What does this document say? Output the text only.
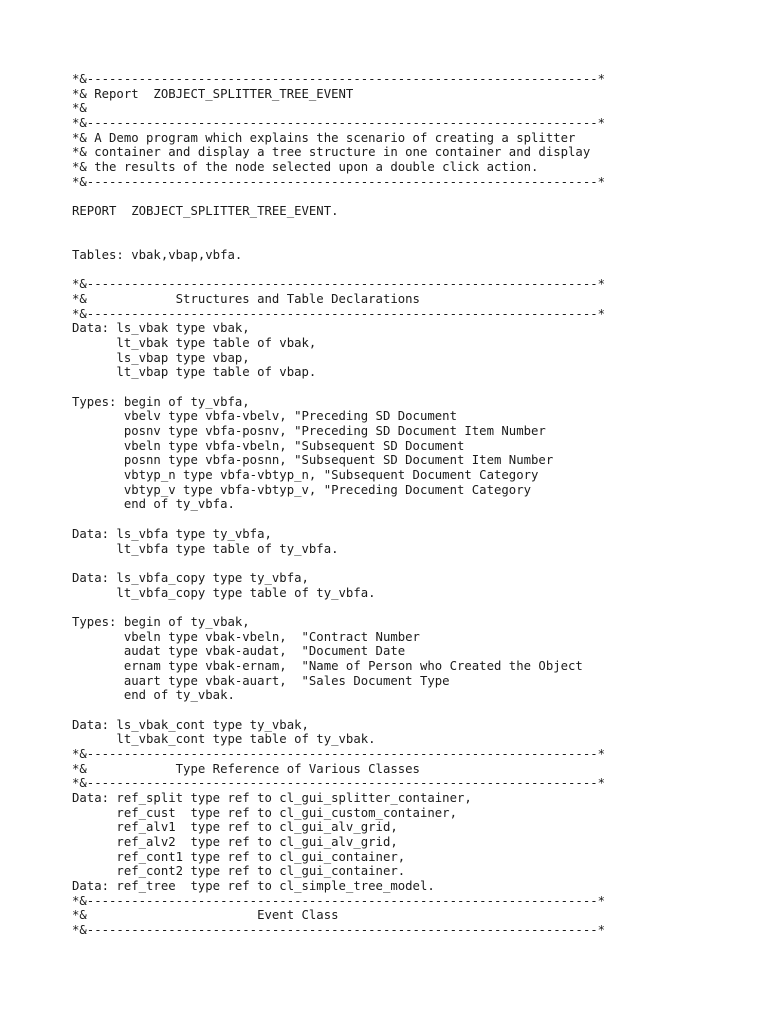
*&---------------------------------------------------------------------*
*& Report  ZOBJECT_SPLITTER_TREE_EVENT
*&
*&---------------------------------------------------------------------*
*& A Demo program which explains the scenario of creating a splitter
*& container and display a tree structure in one container and display
*& the results of the node selected upon a double click action.
*&---------------------------------------------------------------------*
REPORT  ZOBJECT_SPLITTER_TREE_EVENT.
Tables: vbak,vbap,vbfa.
*&---------------------------------------------------------------------*
*&            Structures and Table Declarations
*&---------------------------------------------------------------------*
Data: ls_vbak type vbak,
lt_vbak type table of vbak,
ls_vbap type vbap,
lt_vbap type table of vbap.
Types: begin of ty_vbfa,
vbelv type vbfa-vbelv, "Preceding SD Document
posnv type vbfa-posnv, "Preceding SD Document Item Number
vbeln type vbfa-vbeln, "Subsequent SD Document
posnn type vbfa-posnn, "Subsequent SD Document Item Number
vbtyp_n type vbfa-vbtyp_n, "Subsequent Document Category
vbtyp_v type vbfa-vbtyp_v, "Preceding Document Category
end of ty_vbfa.
Data: ls_vbfa type ty_vbfa,
lt_vbfa type table of ty_vbfa.
Data: ls_vbfa_copy type ty_vbfa,
lt_vbfa_copy type table of ty_vbfa.
Types: begin of ty_vbak,
vbeln type vbak-vbeln,  "Contract Number
audat type vbak-audat,  "Document Date
ernam type vbak-ernam,  "Name of Person who Created the Object
auart type vbak-auart,  "Sales Document Type
end of ty_vbak.
Data: ls_vbak_cont type ty_vbak,
lt_vbak_cont type table of ty_vbak.
*&---------------------------------------------------------------------*
*&            Type Reference of Various Classes
*&---------------------------------------------------------------------*
Data: ref_split type ref to cl_gui_splitter_container,
ref_cust  type ref to cl_gui_custom_container,
ref_alv1  type ref to cl_gui_alv_grid,
ref_alv2  type ref to cl_gui_alv_grid,
ref_cont1 type ref to cl_gui_container,
ref_cont2 type ref to cl_gui_container.
Data: ref_tree  type ref to cl_simple_tree_model.
*&---------------------------------------------------------------------*
*&                       Event Class
*&---------------------------------------------------------------------*
